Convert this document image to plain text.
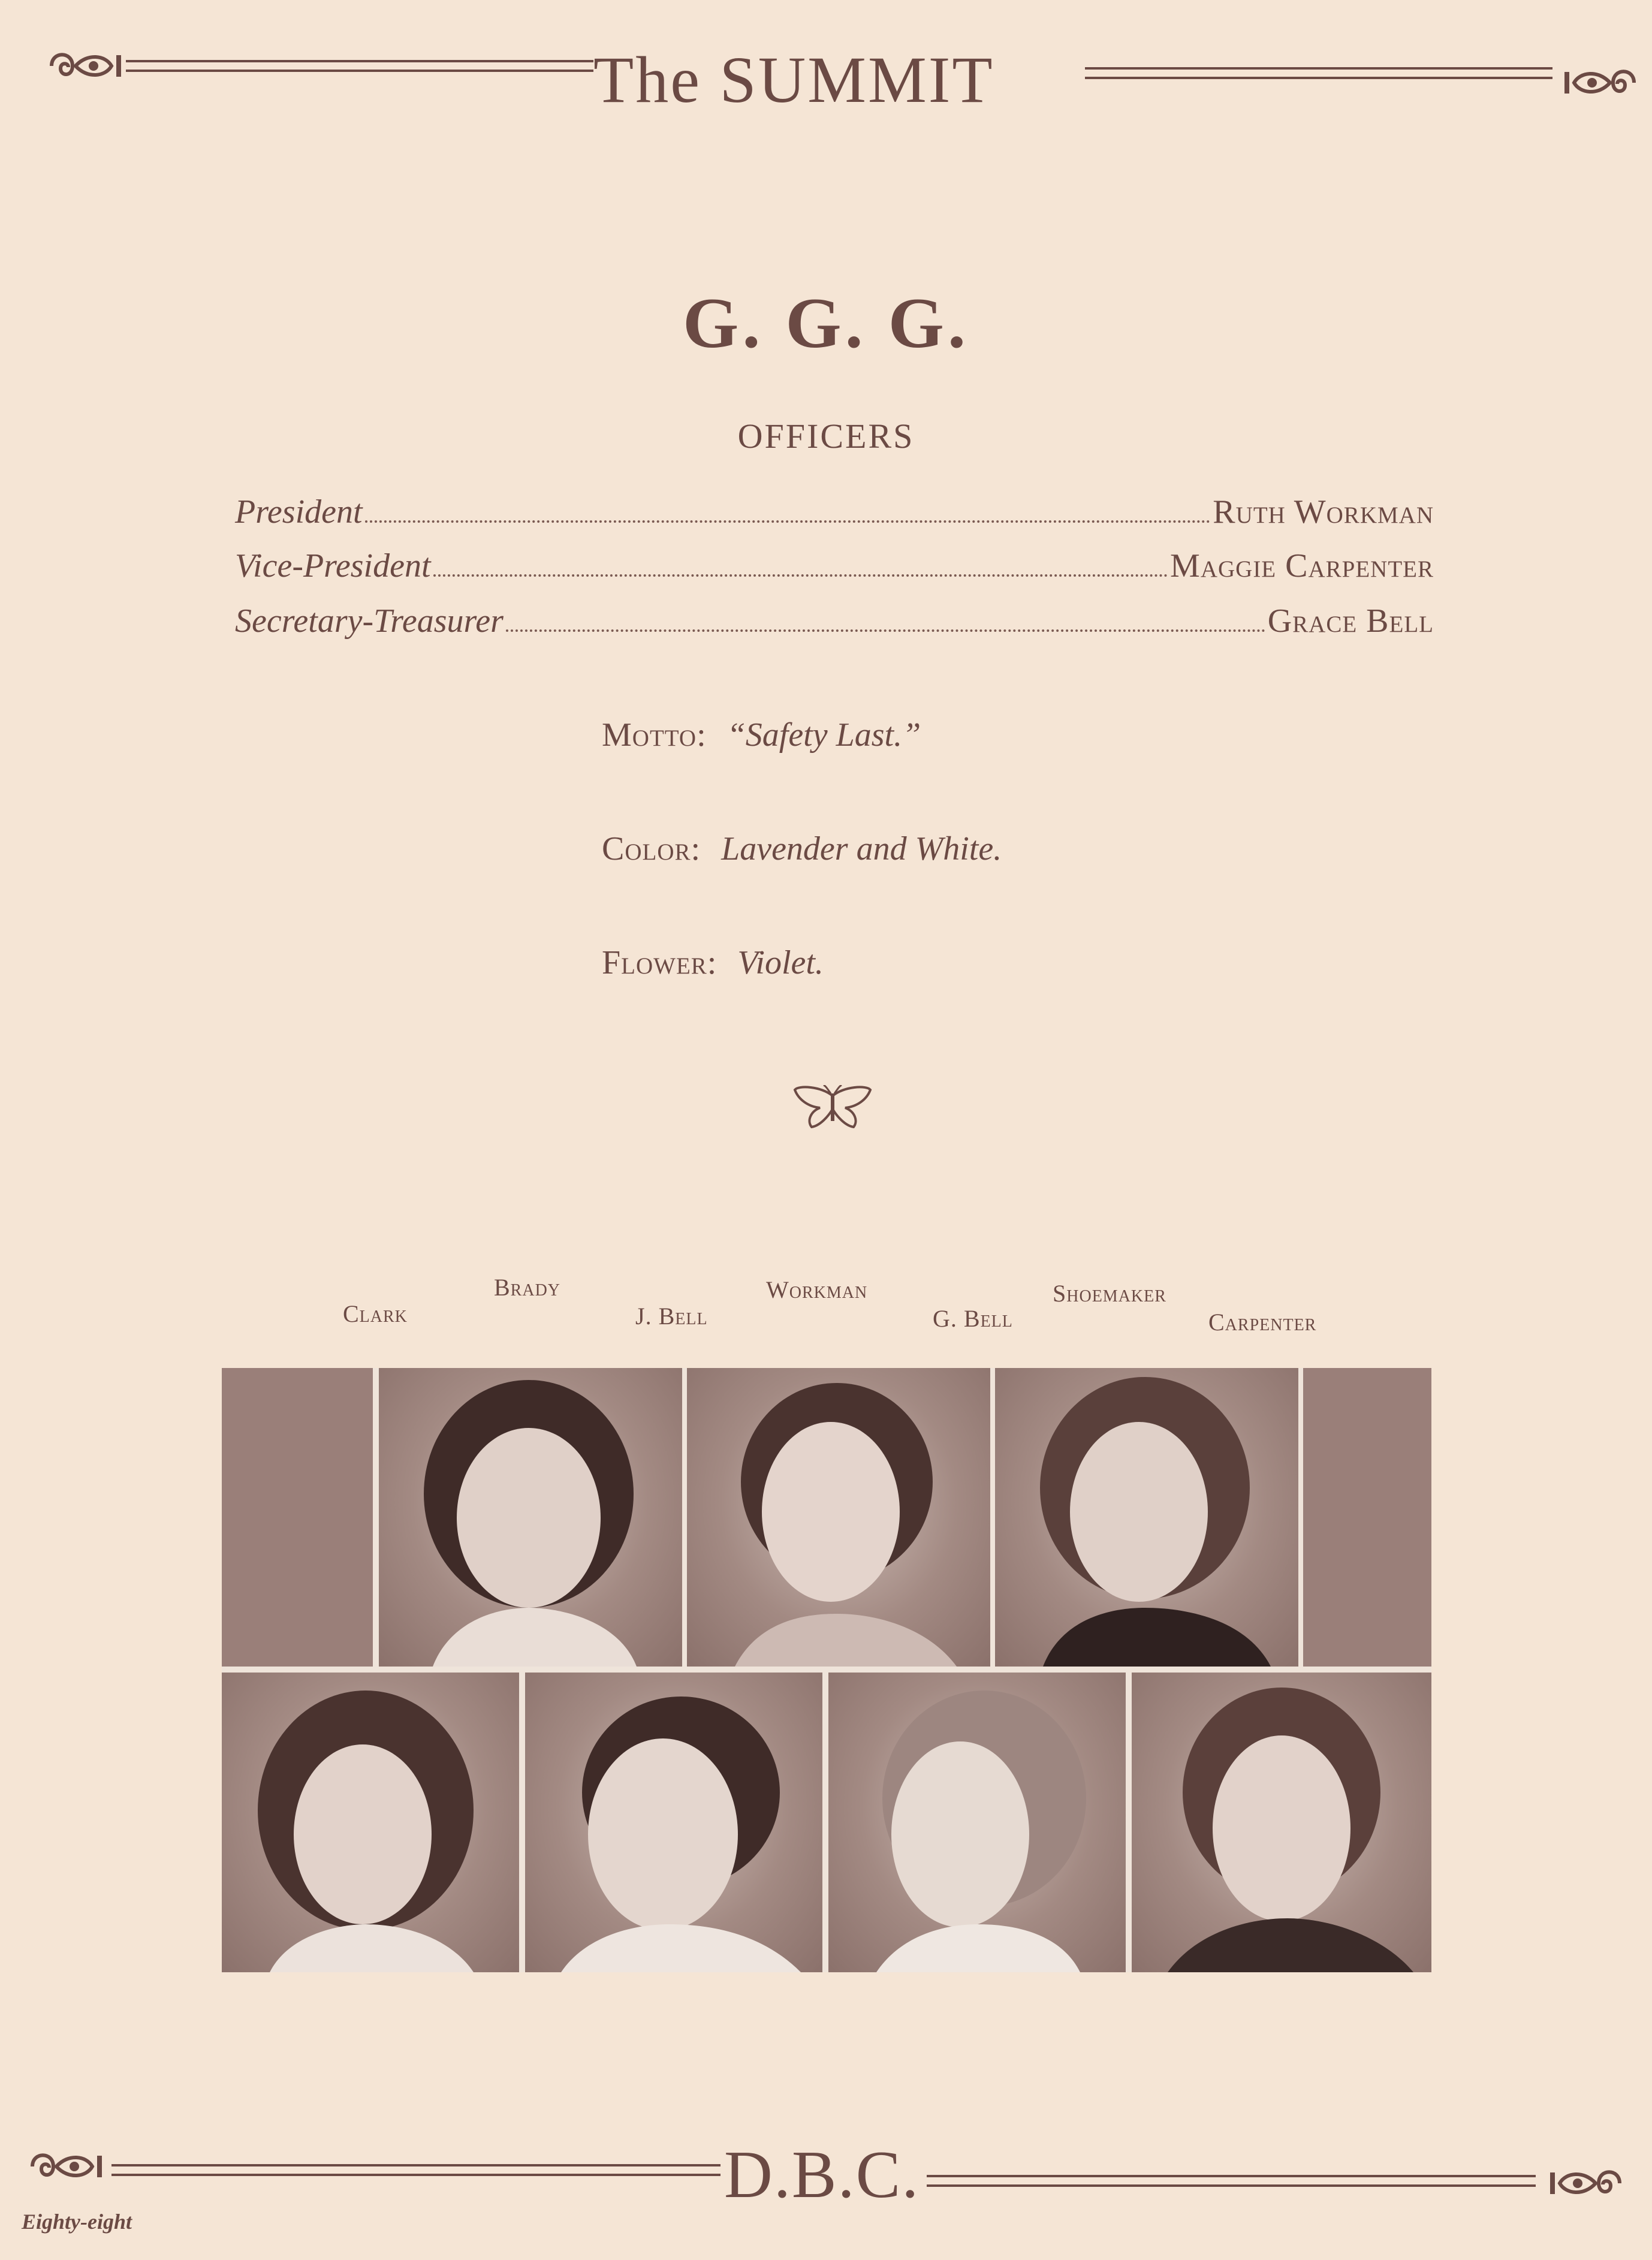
The SUMMIT
G. G. G.
OFFICERS
President	Ruth Workman
Vice-President	Maggie Carpenter
Secretary-Treasurer	Grace Bell
Motto: “Safety Last.”
Color: Lavender and White.
Flower: Violet.
Clark
Brady
J. Bell
Workman
G. Bell
Shoemaker
Carpenter
D.B.C.
Eighty-eight
